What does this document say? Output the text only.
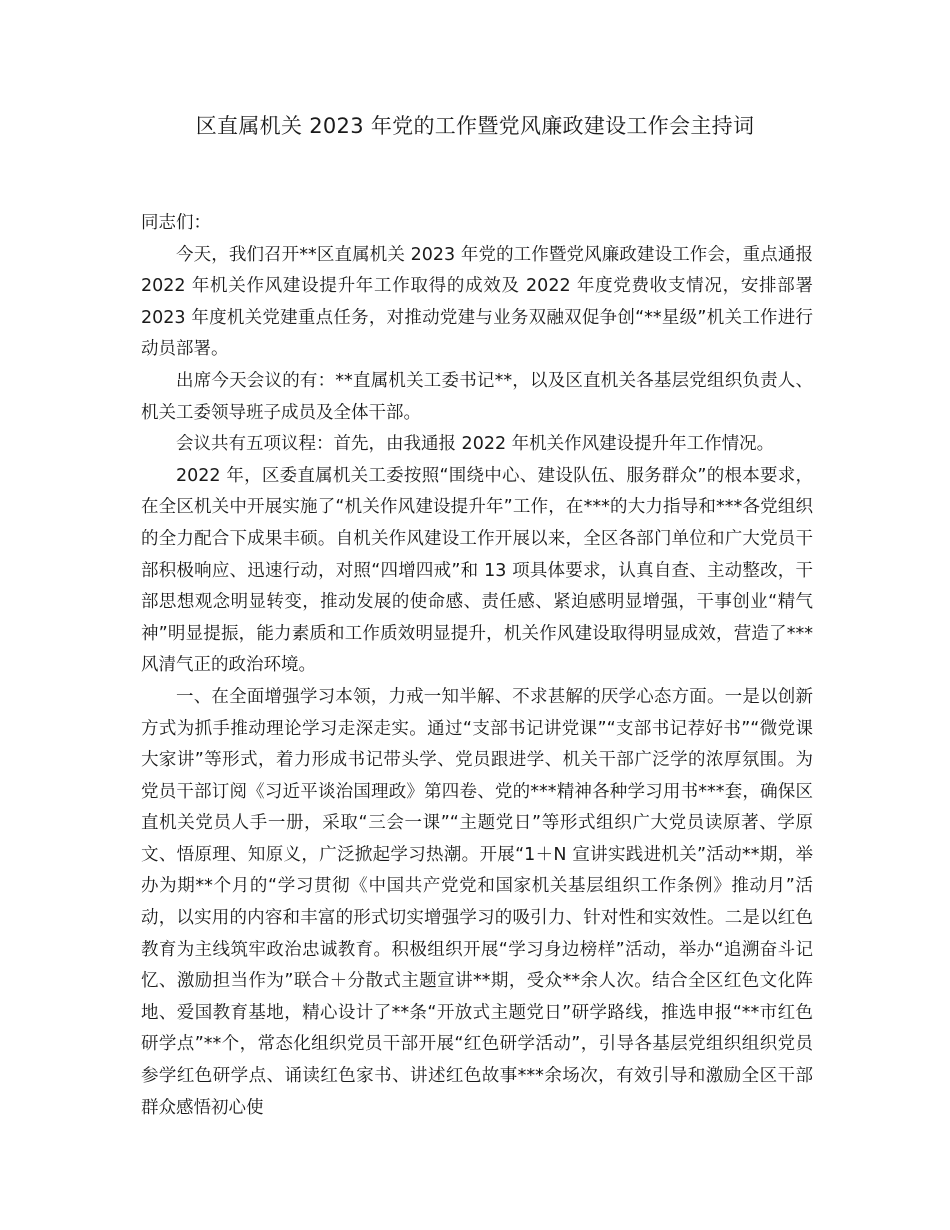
区直属机关 2023 年党的工作暨党风廉政建设工作会主持词

同志们：

今天，我们召开**区直属机关 2023 年党的工作暨党风廉政建设工作会，重点通报 2022 年机关作风建设提升年工作取得的成效及 2022 年度党费收支情况，安排部署 2023 年度机关党建重点任务，对推动党建与业务双融双促争创“**星级”机关工作进行动员部署。

出席今天会议的有：**直属机关工委书记**，以及区直机关各基层党组织负责人、机关工委领导班子成员及全体干部。

会议共有五项议程：首先，由我通报 2022 年机关作风建设提升年工作情况。

2022 年，区委直属机关工委按照“围绕中心、建设队伍、服务群众”的根本要求，在全区机关中开展实施了“机关作风建设提升年”工作，在***的大力指导和***各党组织的全力配合下成果丰硕。自机关作风建设工作开展以来，全区各部门单位和广大党员干部积极响应、迅速行动，对照“四增四戒”和 13 项具体要求，认真自查、主动整改，干部思想观念明显转变，推动发展的使命感、责任感、紧迫感明显增强，干事创业“精气神”明显提振，能力素质和工作质效明显提升，机关作风建设取得明显成效，营造了***风清气正的政治环境。

一、在全面增强学习本领，力戒一知半解、不求甚解的厌学心态方面。一是以创新方式为抓手推动理论学习走深走实。通过“支部书记讲党课”“支部书记荐好书”“微党课大家讲”等形式，着力形成书记带头学、党员跟进学、机关干部广泛学的浓厚氛围。为党员干部订阅《习近平谈治国理政》第四卷、党的***精神各种学习用书***套，确保区直机关党员人手一册，采取“三会一课”“主题党日”等形式组织广大党员读原著、学原文、悟原理、知原义，广泛掀起学习热潮。开展“1＋N 宣讲实践进机关”活动**期，举办为期**个月的“学习贯彻《中国共产党党和国家机关基层组织工作条例》推动月”活动，以实用的内容和丰富的形式切实增强学习的吸引力、针对性和实效性。二是以红色教育为主线筑牢政治忠诚教育。积极组织开展“学习身边榜样”活动，举办“追溯奋斗记忆、激励担当作为”联合＋分散式主题宣讲**期，受众**余人次。结合全区红色文化阵地、爱国教育基地，精心设计了**条“开放式主题党日”研学路线，推选申报“**市红色研学点”**个，常态化组织党员干部开展“红色研学活动”，引导各基层党组织组织党员参学红色研学点、诵读红色家书、讲述红色故事***余场次，有效引导和激励全区干部群众感悟初心使
